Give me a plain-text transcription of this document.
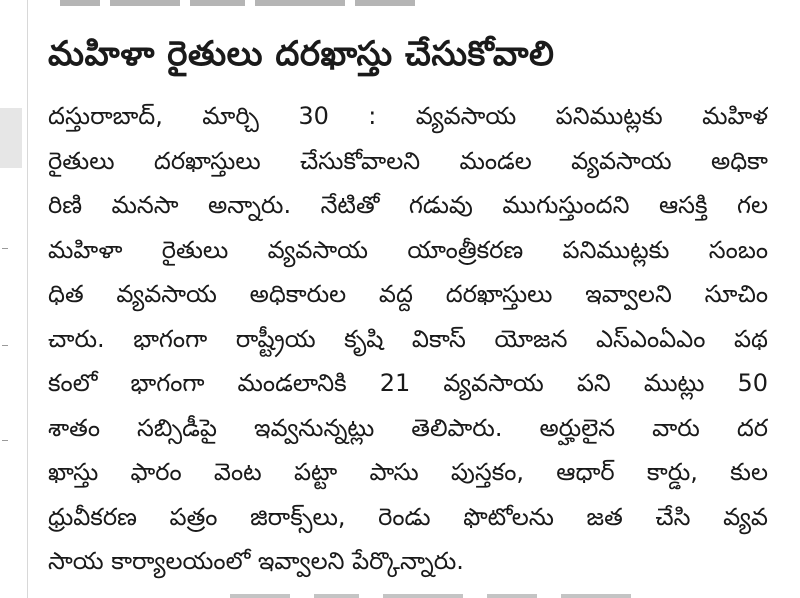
మహిళా రైతులు దరఖాస్తు చేసుకోవాలి
దస్తురాబాద్, మార్చి 30 : వ్యవసాయ పనిముట్లకు మహిళ
రైతులు దరఖాస్తులు చేసుకోవాలని మండల వ్యవసాయ అధికా
రిణి మనసా అన్నారు. నేటితో గడువు ముగుస్తుందని ఆసక్తి గల
మహిళా రైతులు వ్యవసాయ యాంత్రీకరణ పనిముట్లకు సంబం
ధిత వ్యవసాయ అధికారుల వద్ద దరఖాస్తులు ఇవ్వాలని సూచిం
చారు. భాగంగా రాష్ట్రీయ కృషి వికాస్ యోజన ఎస్ఎంఏఎం పథ
కంలో భాగంగా మండలానికి 21 వ్యవసాయ పని ముట్లు 50
శాతం సబ్సిడీపై ఇవ్వనున్నట్లు తెలిపారు. అర్హులైన వారు దర
ఖాస్తు ఫారం వెంట పట్టా పాసు పుస్తకం, ఆధార్ కార్డు, కుల
ధ్రువీకరణ పత్రం జిరాక్స్‌లు, రెండు ఫొటోలను జత చేసి వ్యవ
సాయ కార్యాలయంలో ఇవ్వాలని పేర్కొన్నారు.
